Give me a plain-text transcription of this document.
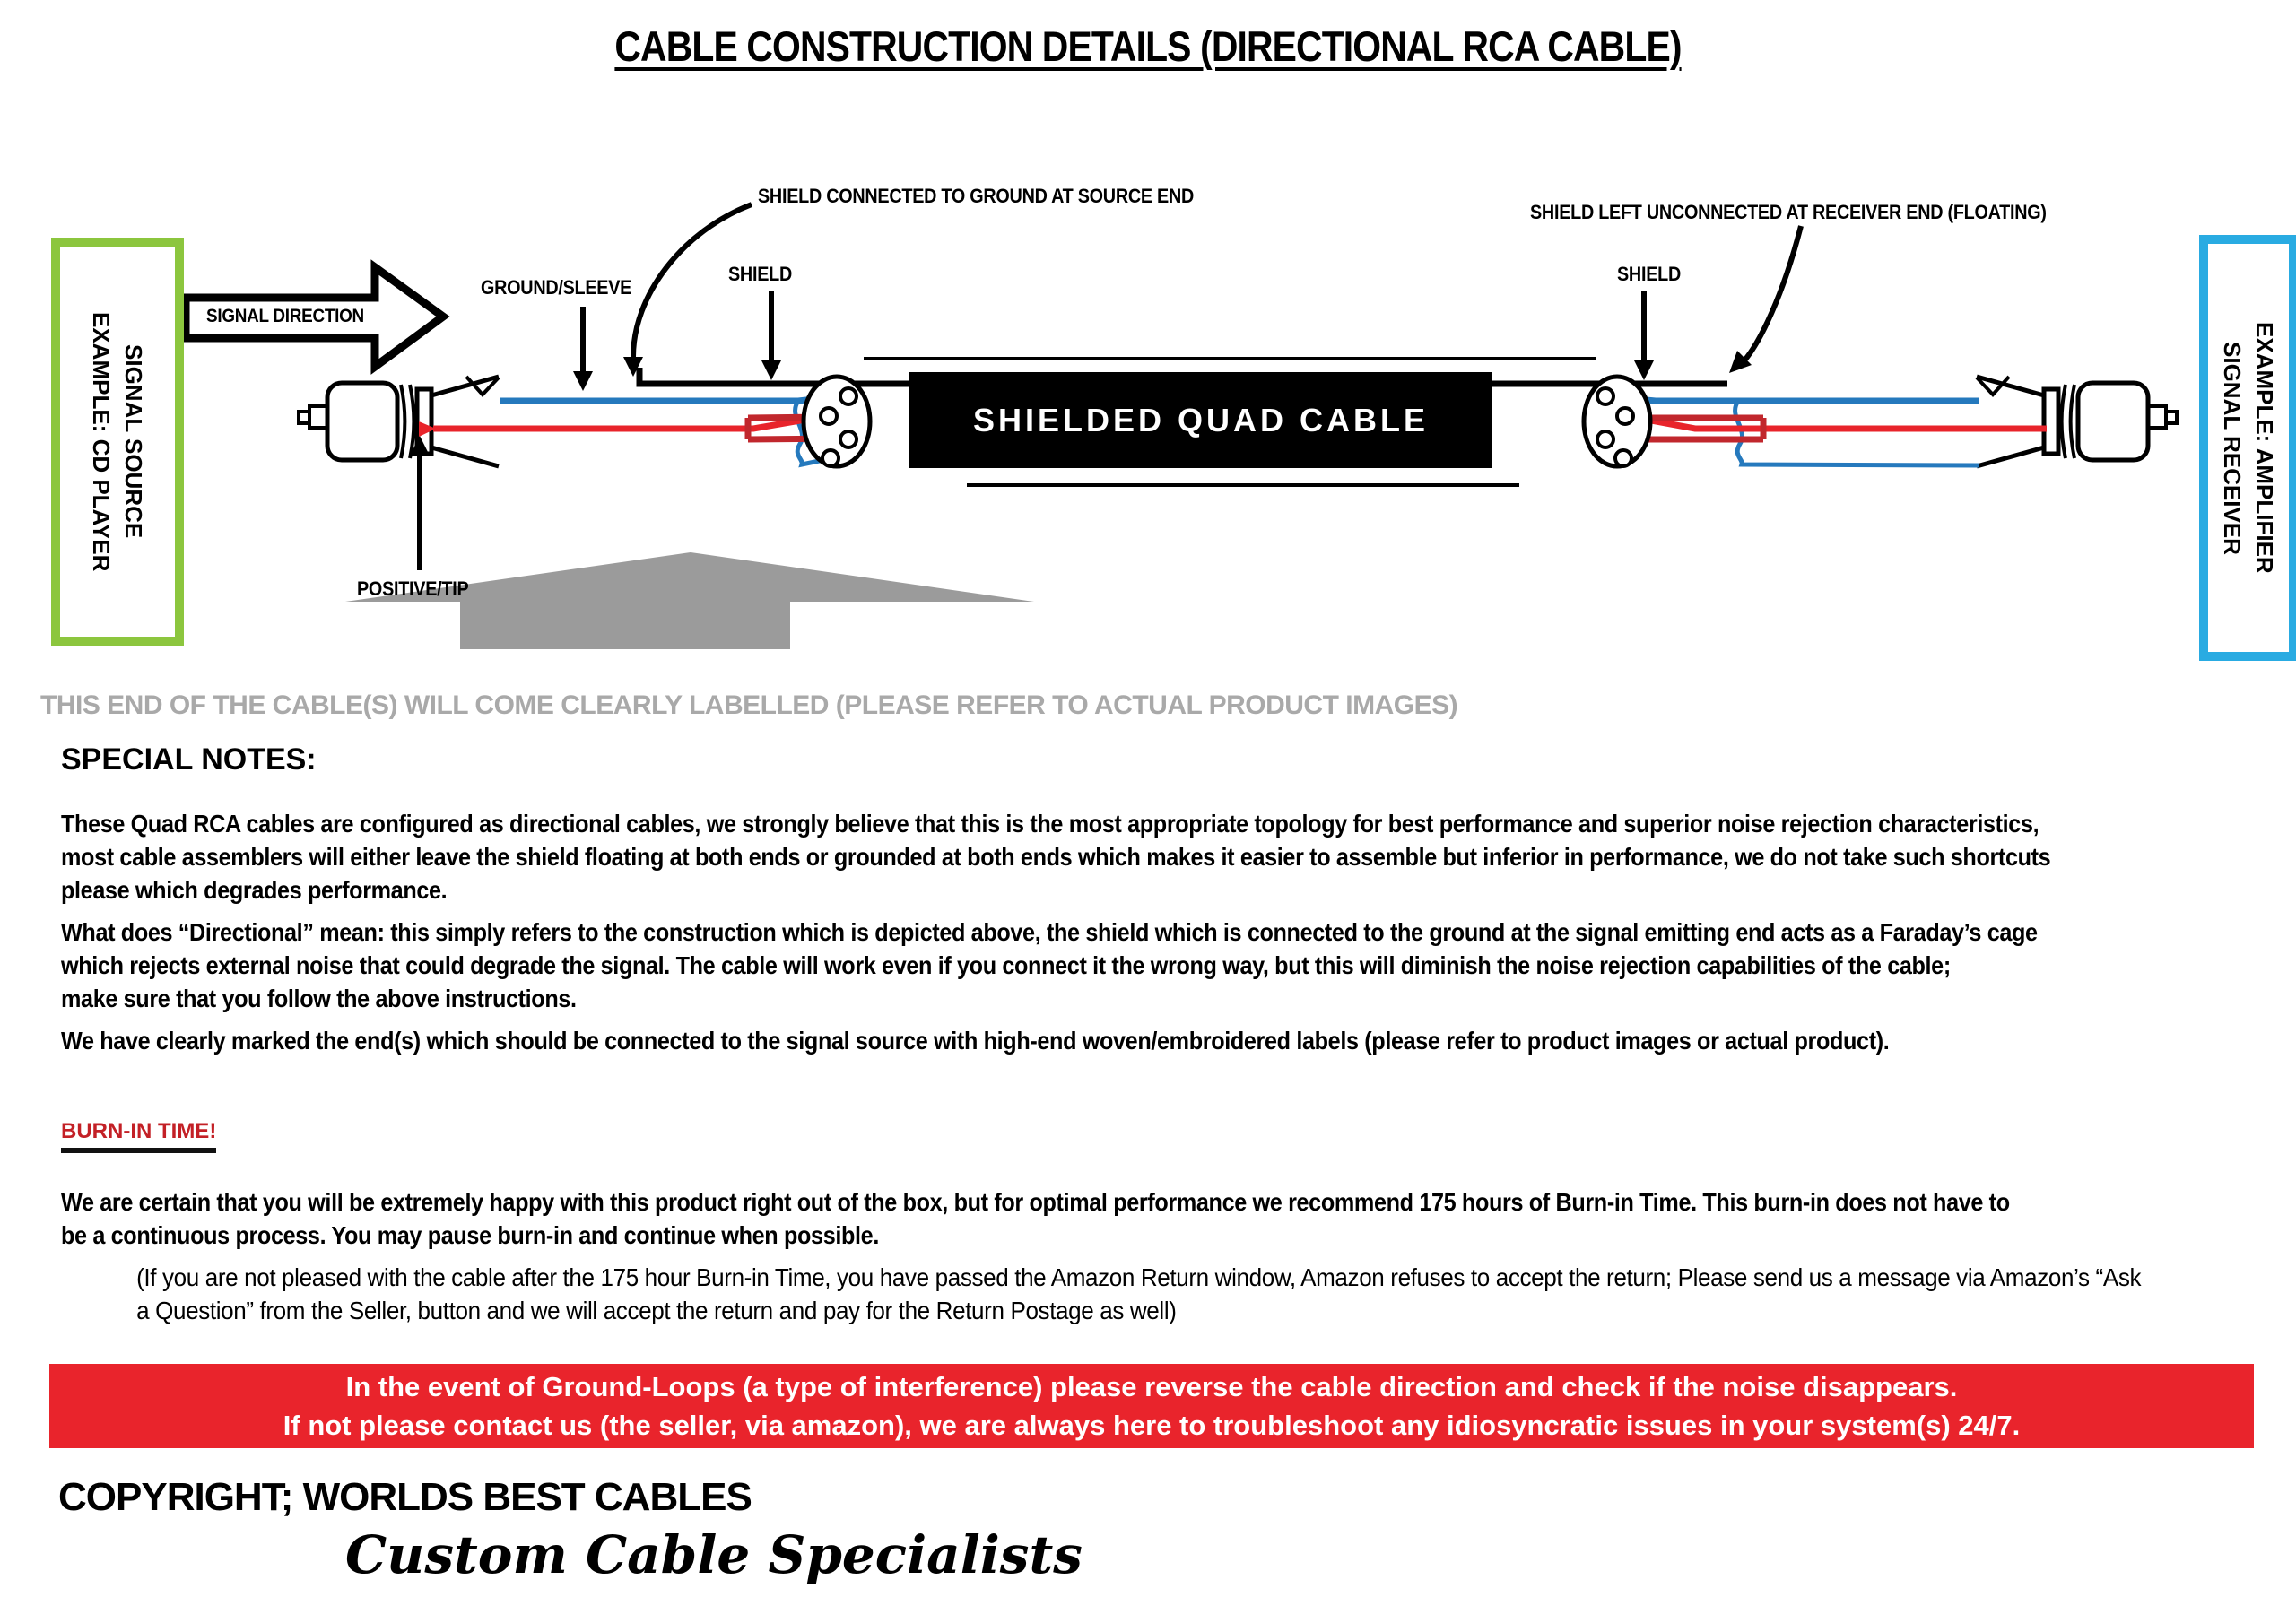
CABLE CONSTRUCTION DETAILS (DIRECTIONAL RCA CABLE)
SIGNAL SOURCE
EXAMPLE: CD PLAYER	SIGNAL RECEIVER EXAMPLE: AMPLIFIER
SIGNAL DIRECTION
GROUND/SLEEVE
SHIELD
SHIELD CONNECTED TO GROUND AT SOURCE END
SHIELD
SHIELD LEFT UNCONNECTED AT RECEIVER END (FLOATING)
POSITIVE/TIP
SHIELDED QUAD CABLE
THIS END OF THE CABLE(S) WILL COME CLEARLY LABELLED (PLEASE REFER TO ACTUAL PRODUCT IMAGES)
SPECIAL NOTES:
These Quad RCA cables are configured as directional cables, we strongly believe that this is the most appropriate topology for best performance and superior noise rejection characteristics,
most cable assemblers will either leave the shield floating at both ends or grounded at both ends which makes it easier to assemble but inferior in performance, we do not take such shortcuts
please which degrades performance.
What does “Directional” mean: this simply refers to the construction which is depicted above, the shield which is connected to the ground at the signal emitting end acts as a Faraday’s cage
which rejects external noise that could degrade the signal. The cable will work even if you connect it the wrong way, but this will diminish the noise rejection capabilities of the cable;
make sure that you follow the above instructions.
We have clearly marked the end(s) which should be connected to the signal source with high-end woven/embroidered labels (please refer to product images or actual product).
BURN-IN TIME!
We are certain that you will be extremely happy with this product right out of the box, but for optimal performance we recommend 175 hours of Burn-in Time. This burn-in does not have to
be a continuous process. You may pause burn-in and continue when possible.
(If you are not pleased with the cable after the 175 hour Burn-in Time, you have passed the Amazon Return window, Amazon refuses to accept the return; Please send us a message via Amazon’s “Ask
a Question” from the Seller, button and we will accept the return and pay for the Return Postage as well)
In the event of Ground-Loops (a type of interference) please reverse the cable direction and check if the noise disappears.
If not please contact us (the seller, via amazon), we are always here to troubleshoot any idiosyncratic issues in your system(s) 24/7.
COPYRIGHT; WORLDS BEST CABLES
Custom Cable Specialists
